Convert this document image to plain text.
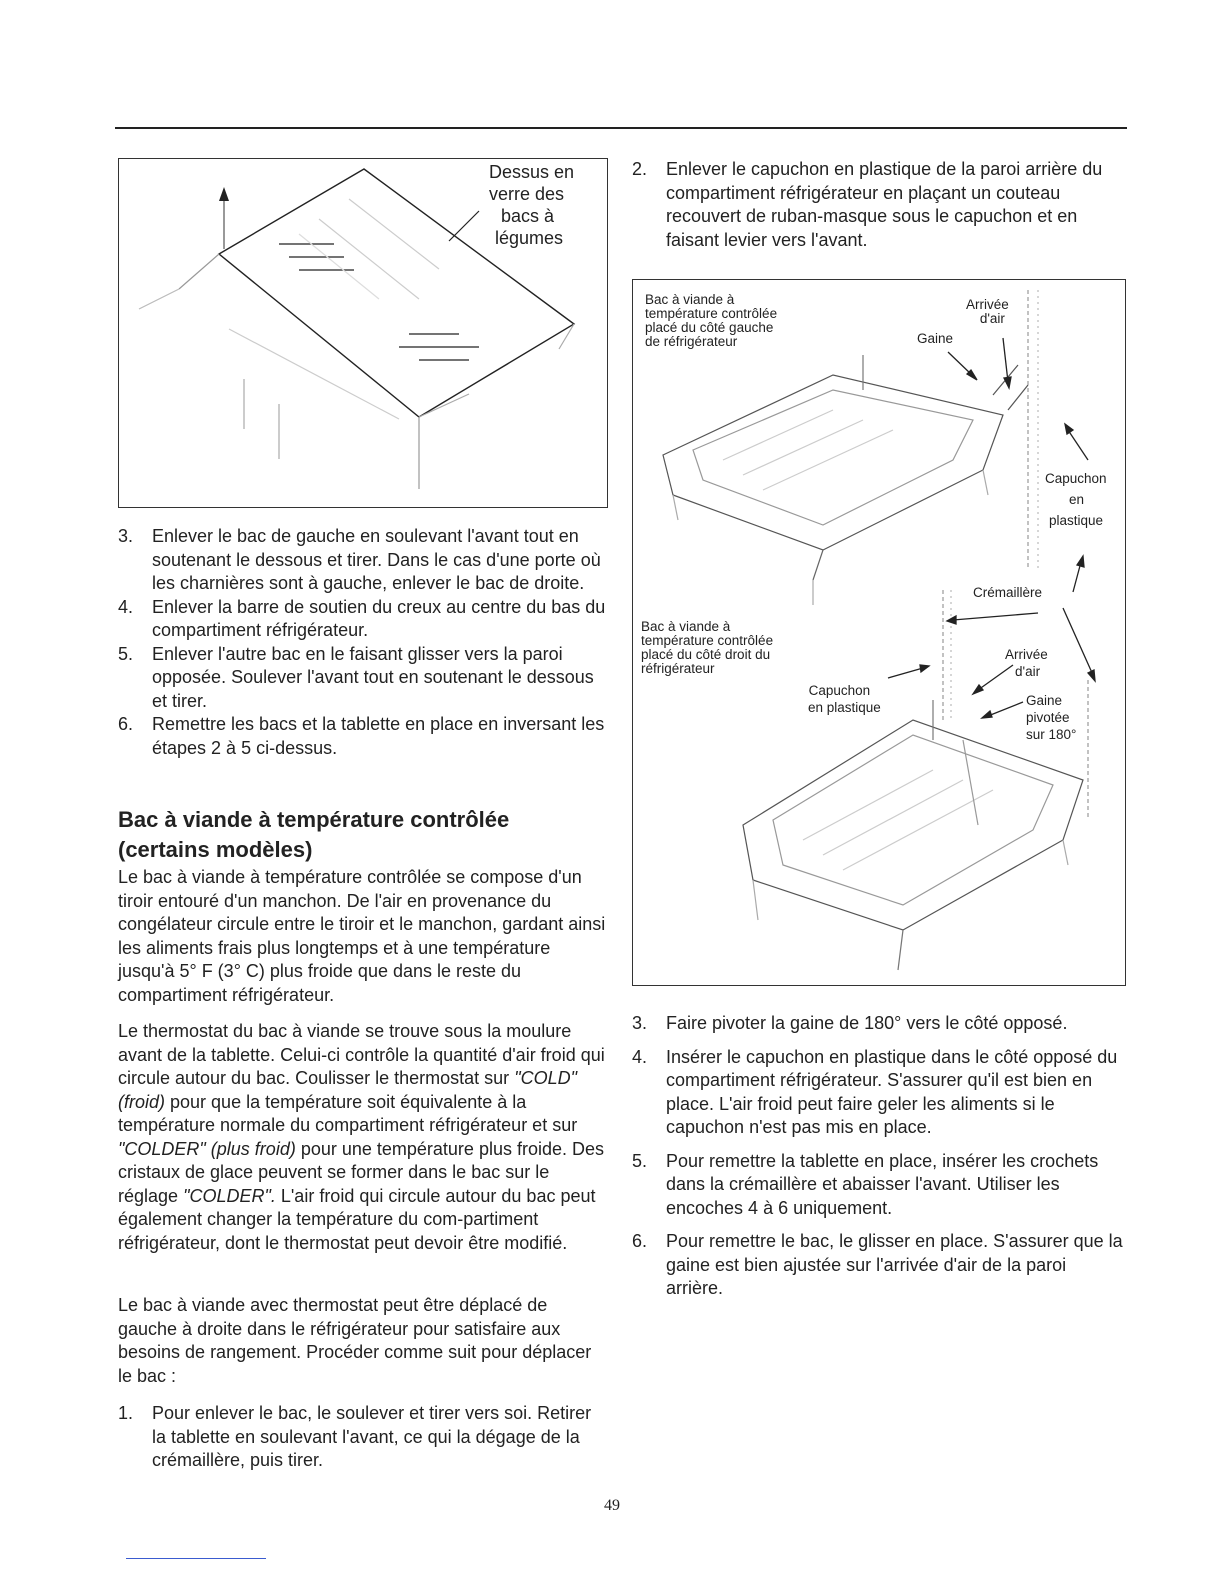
Dessus en
verre des
bacs à
légumes
3. Enlever le bac de gauche en soulevant l'avant tout en soutenant le dessous et tirer. Dans le cas d'une porte où les charnières sont à gauche, enlever le bac de droite.
4. Enlever la barre de soutien du creux au centre du bas du compartiment réfrigérateur.
5. Enlever l'autre bac en le faisant glisser vers la paroi opposée. Soulever l'avant tout en soutenant le dessous et tirer.
6. Remettre les bacs et la tablette en place en inversant les étapes 2 à 5 ci-dessus.
Bac à viande à température contrôlée (certains modèles)

Le bac à viande à température contrôlée se compose d'un tiroir entouré d'un manchon. De l'air en provenance du congélateur circule entre le tiroir et le manchon, gardant ainsi les aliments frais plus longtemps et à une température jusqu'à 5° F (3° C) plus froide que dans le reste du compartiment réfrigérateur.

Le thermostat du bac à viande se trouve sous la moulure avant de la tablette. Celui-ci contrôle la quantité d'air froid qui circule autour du bac. Coulisser le thermostat sur "COLD" (froid) pour que la température soit équivalente à la température normale du compartiment réfrigérateur et sur "COLDER" (plus froid) pour une température plus froide. Des cristaux de glace peuvent se former dans le bac sur le réglage "COLDER". L'air froid qui circule autour du bac peut également changer la température du com-partiment réfrigérateur, dont le thermostat peut devoir être modifié.

Le bac à viande avec thermostat peut être déplacé de gauche à droite dans le réfrigérateur pour satisfaire aux besoins de rangement. Procéder comme suit pour déplacer le bac :

1. Pour enlever le bac, le soulever et tirer vers soi. Retirer la tablette en soulevant l'avant, ce qui la dégage de la crémaillère, puis tirer.
2. Enlever le capuchon en plastique de la paroi arrière du compartiment réfrigérateur en plaçant un couteau recouvert de ruban-masque sous le capuchon et en faisant levier vers l'avant.
Bac à viande à
température contrôlée
placé du côté gauche
de réfrigérateur
Arrivée
d'air
Gaine
Capuchon
en
plastique
Crémaillère
Bac à viande à
température contrôlée
placé du côté droit du
réfrigérateur
Arrivée
d'air
Capuchon
en plastique	Gaine
pivotée
sur 180°
3. Faire pivoter la gaine de 180° vers le côté opposé.
4. Insérer le capuchon en plastique dans le côté opposé du compartiment réfrigérateur. S'assurer qu'il est bien en place. L'air froid peut faire geler les aliments si le capuchon n'est pas mis en place.
5. Pour remettre la tablette en place, insérer les crochets dans la crémaillère et abaisser l'avant. Utiliser les encoches 4 à 6 uniquement.
6. Pour remettre le bac, le glisser en place. S'assurer que la gaine est bien ajustée sur l'arrivée d'air de la paroi arrière.
49
